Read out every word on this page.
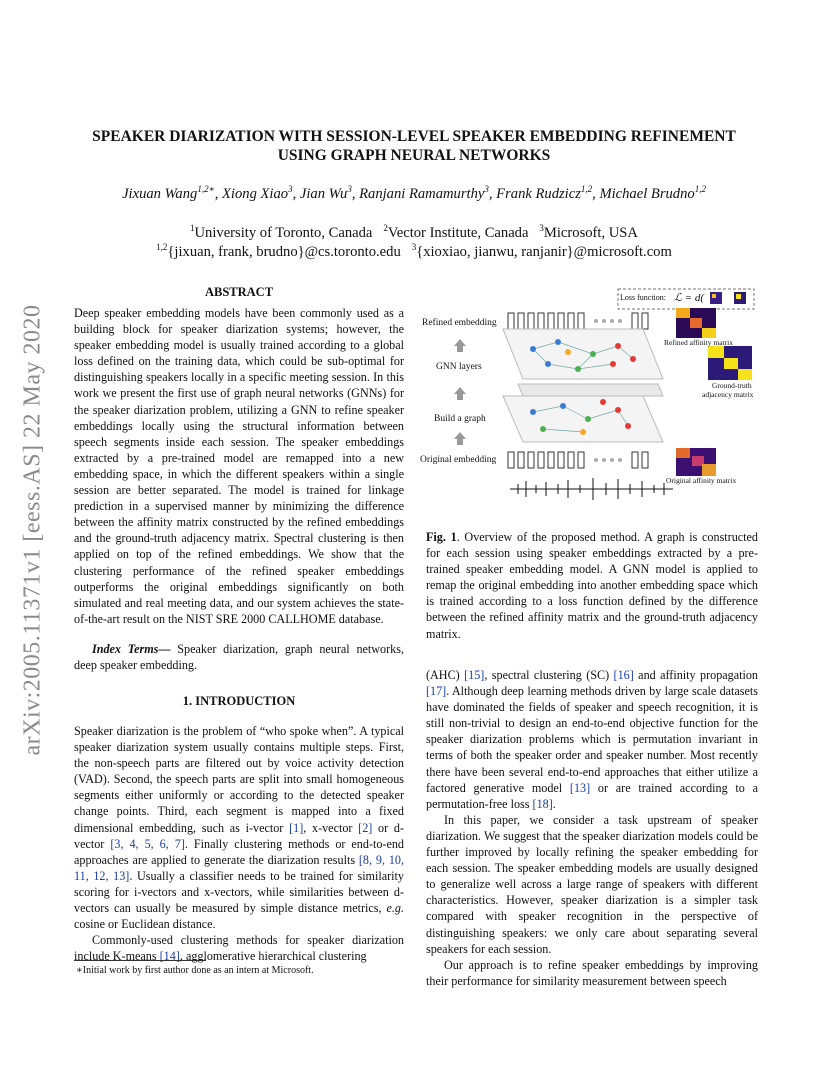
arXiv:2005.11371v1 [eess.AS] 22 May 2020
SPEAKER DIARIZATION WITH SESSION-LEVEL SPEAKER EMBEDDING REFINEMENT
USING GRAPH NEURAL NETWORKS
Jixuan Wang$^{1,2∗}$, Xiong Xiao$^3$, Jian Wu$^3$, Ranjani Ramamurthy$^3$, Frank Rudzicz$^{1,2}$, Michael Brudno$^{1,2}$
$^1$University of Toronto, Canada   $^2$Vector Institute, Canada   $^3$Microsoft, USA
$^{1,2}${jixuan, frank, brudno}@cs.toronto.edu   $^3${xioxiao, jianwu, ranjanir}@microsoft.com
ABSTRACT

Deep speaker embedding models have been commonly used as a building block for speaker diarization systems; however, the speaker embedding model is usually trained according to a global loss defined on the training data, which could be sub-optimal for distinguishing speakers locally in a specific meeting session. In this work we present the first use of graph neural networks (GNNs) for the speaker diarization problem, utilizing a GNN to refine speaker embeddings locally using the structural information between speech segments inside each session. The speaker embeddings extracted by a pre-trained model are remapped into a new embedding space, in which the different speakers within a single session are better separated. The model is trained for linkage prediction in a supervised manner by minimizing the difference between the affinity matrix constructed by the refined embeddings and the ground-truth adjacency matrix. Spectral clustering is then applied on top of the refined embeddings. We show that the clustering performance of the refined speaker embeddings outperforms the original embeddings significantly on both simulated and real meeting data, and our system achieves the state-of-the-art result on the NIST SRE 2000 CALLHOME database.

Index Terms— Speaker diarization, graph neural networks, deep speaker embedding.

1. INTRODUCTION

Speaker diarization is the problem of “who spoke when”. A typical speaker diarization system usually contains multiple steps. First, the non-speech parts are filtered out by voice activity detection (VAD). Second, the speech parts are split into small homogeneous segments either uniformly or according to the detected speaker change points. Third, each segment is mapped into a fixed dimensional embedding, such as i-vector [1], x-vector [2] or d-vector [3, 4, 5, 6, 7]. Finally clustering methods or end-to-end approaches are applied to generate the diarization results [8, 9, 10, 11, 12, 13]. Usually a classifier needs to be trained for similarity scoring for i-vectors and x-vectors, while similarities between d-vectors can usually be measured by simple distance metrics, e.g. cosine or Euclidean distance.

Commonly-used clustering methods for speaker diarization include K-means [14], agglomerative hierarchical clustering

∗Initial work by first author done as an intern at Microsoft.
Loss function: ℒ = d(
Refined embedding
GNN layers
Build a graph
Original embedding
Refined affinity matrix
Ground-truth
adjacency matrix
Original affinity matrix

Fig. 1. Overview of the proposed method. A graph is constructed for each session using speaker embeddings extracted by a pre-trained speaker embedding model. A GNN model is applied to remap the original embedding into another embedding space which is trained according to a loss function defined by the difference between the refined affinity matrix and the ground-truth adjacency matrix.

(AHC) [15], spectral clustering (SC) [16] and affinity propagation [17]. Although deep learning methods driven by large scale datasets have dominated the fields of speaker and speech recognition, it is still non-trivial to design an end-to-end objective function for the speaker diarization problems which is permutation invariant in terms of both the speaker order and speaker number. Most recently there have been several end-to-end approaches that either utilize a factored generative model [13] or are trained according to a permutation-free loss [18].

In this paper, we consider a task upstream of speaker diarization. We suggest that the speaker diarization models could be further improved by locally refining the speaker embedding for each session. The speaker embedding models are usually designed to generalize well across a large range of speakers with different characteristics. However, speaker diarization is a simpler task compared with speaker recognition in the perspective of distinguishing speakers: we only care about separating several speakers for each session.

Our approach is to refine speaker embeddings by improving their performance for similarity measurement between speech
